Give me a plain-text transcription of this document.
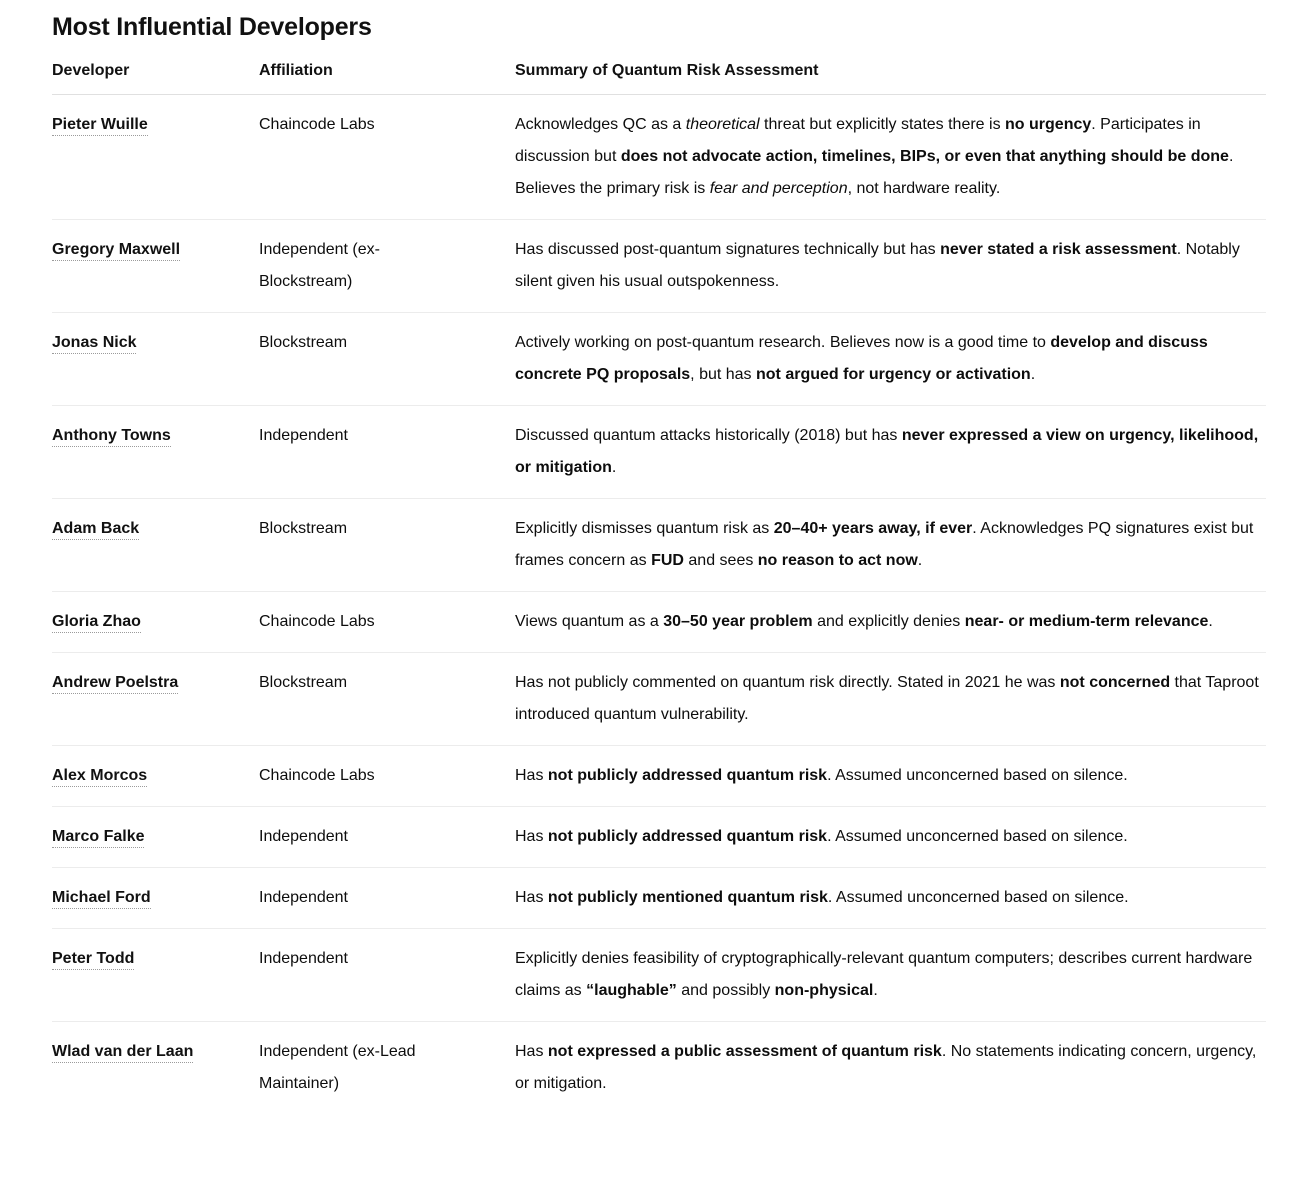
Most Influential Developers
Developer	Affiliation	Summary of Quantum Risk Assessment
Pieter Wuille	Chaincode Labs	Acknowledges QC as a theoretical threat but explicitly states there is no urgency. Participates in discussion but does not advocate action, timelines, BIPs, or even that anything should be done. Believes the primary risk is fear and perception, not hardware reality.
Gregory Maxwell	Independent (ex-Blockstream)	Has discussed post-quantum signatures technically but has never stated a risk assessment. Notably silent given his usual outspokenness.
Jonas Nick	Blockstream	Actively working on post-quantum research. Believes now is a good time to develop and discuss concrete PQ proposals, but has not argued for urgency or activation.
Anthony Towns	Independent	Discussed quantum attacks historically (2018) but has never expressed a view on urgency, likelihood, or mitigation.
Adam Back	Blockstream	Explicitly dismisses quantum risk as 20–40+ years away, if ever. Acknowledges PQ signatures exist but frames concern as FUD and sees no reason to act now.
Gloria Zhao	Chaincode Labs	Views quantum as a 30–50 year problem and explicitly denies near- or medium-term relevance.
Andrew Poelstra	Blockstream	Has not publicly commented on quantum risk directly. Stated in 2021 he was not concerned that Taproot introduced quantum vulnerability.
Alex Morcos	Chaincode Labs	Has not publicly addressed quantum risk. Assumed unconcerned based on silence.
Marco Falke	Independent	Has not publicly addressed quantum risk. Assumed unconcerned based on silence.
Michael Ford	Independent	Has not publicly mentioned quantum risk. Assumed unconcerned based on silence.
Peter Todd	Independent	Explicitly denies feasibility of cryptographically-relevant quantum computers; describes current hardware claims as “laughable” and possibly non-physical.
Wlad van der Laan	Independent (ex-Lead Maintainer)	Has not expressed a public assessment of quantum risk. No statements indicating concern, urgency, or mitigation.
